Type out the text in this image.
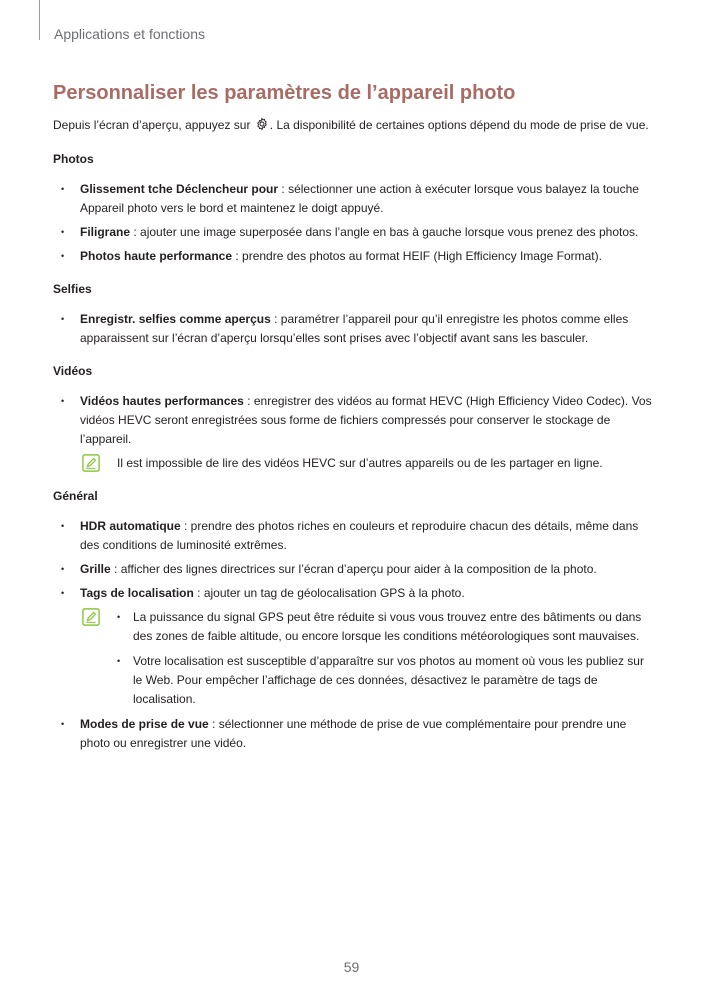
Applications et fonctions
Personnaliser les paramètres de l’appareil photo

Depuis l’écran d’aperçu, appuyez sur . La disponibilité de certaines options dépend du mode de prise de vue.

Photos

• Glissement tche Déclencheur pour : sélectionner une action à exécuter lorsque vous balayez la touche Appareil photo vers le bord et maintenez le doigt appuyé.
• Filigrane : ajouter une image superposée dans l’angle en bas à gauche lorsque vous prenez des photos.
• Photos haute performance : prendre des photos au format HEIF (High Efficiency Image Format).

Selfies

• Enregistr. selfies comme aperçus : paramétrer l’appareil pour qu’il enregistre les photos comme elles apparaissent sur l’écran d’aperçu lorsqu’elles sont prises avec l’objectif avant sans les basculer.

Vidéos

• Vidéos hautes performances : enregistrer des vidéos au format HEVC (High Efficiency Video Codec). Vos vidéos HEVC seront enregistrées sous forme de fichiers compressés pour conserver le stockage de l’appareil.

Il est impossible de lire des vidéos HEVC sur d’autres appareils ou de les partager en ligne.

Général

• HDR automatique : prendre des photos riches en couleurs et reproduire chacun des détails, même dans des conditions de luminosité extrêmes.
• Grille : afficher des lignes directrices sur l’écran d’aperçu pour aider à la composition de la photo.
• Tags de localisation : ajouter un tag de géolocalisation GPS à la photo.
• La puissance du signal GPS peut être réduite si vous vous trouvez entre des bâtiments ou dans des zones de faible altitude, ou encore lorsque les conditions météorologiques sont mauvaises.
• Votre localisation est susceptible d’apparaître sur vos photos au moment où vous les publiez sur le Web. Pour empêcher l’affichage de ces données, désactivez le paramètre de tags de localisation.
• Modes de prise de vue : sélectionner une méthode de prise de vue complémentaire pour prendre une photo ou enregistrer une vidéo.
59
